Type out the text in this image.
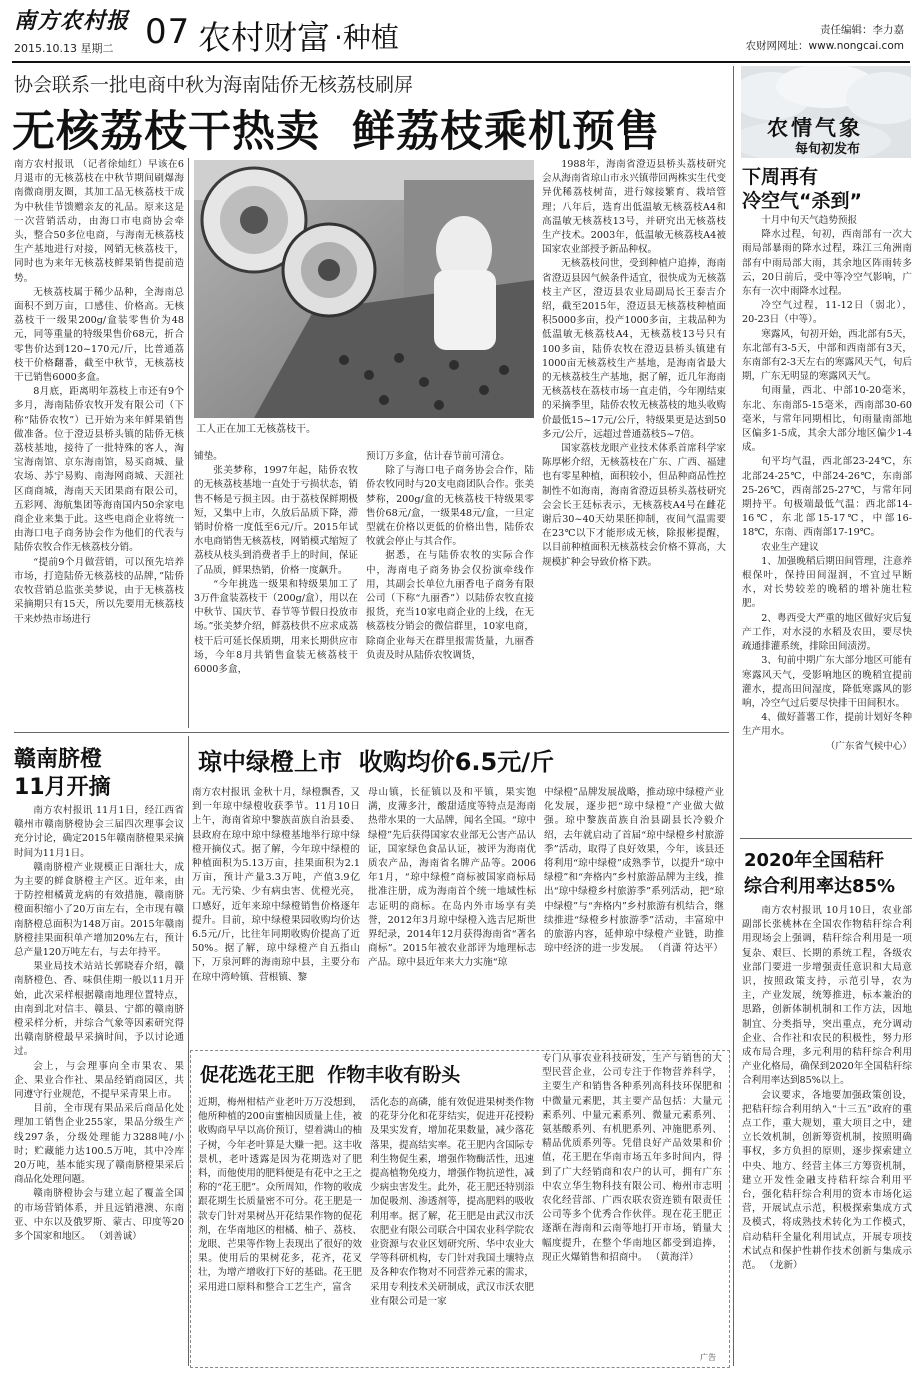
南方农村报
2015.10.13 星期二 07 农村财富 ·种植	责任编辑：李力嘉
农财网网址：www.nongcai.com
协会联系一批电商中秋为海南陆侨无核荔枝刷屏
无核荔枝干热卖  鲜荔枝乘机预售	农情气象
每旬初发布

南方农村报讯 （记者徐灿红）早该在6月退市的无核荔枝在中秋节期间刷爆海南微商朋友圈，其加工品无核荔枝干成为中秋佳节馈赠亲友的礼品。原来这是一次营销活动，由海口市电商协会牵头，整合50多位电商，与海南无核荔枝生产基地进行对接，网销无核荔枝干，同时也为来年无核荔枝鲜果销售提前造势。

无核荔枝属于稀少品种，全海南总面积不到万亩，口感佳、价格高。无核荔枝干一级果200g/盒装零售价为48元，同等重量的特级果售价68元，折合零售价达到120~170元/斤，比普通荔枝干价格翻番，截至中秋节，无核荔枝干已销售6000多盒。

8月底，距离明年荔枝上市还有9个多月，海南陆侨农牧开发有限公司（下称“陆侨农牧”）已开始为来年鲜果销售做准备。位于澄迈县桥头镇的陆侨无核荔枝基地，接待了一批特殊的客人，淘宝海南馆、京东海南馆，易买商城、量农场、苏宁易购、南海网商城、天涯社区商商城，海南天天团果商有限公司，五彩网、海航集团等海南国内50余家电商企业来集于此。这些电商企业将统一由海口电子商务协会作为他们的代表与陆侨农牧合作无核荔枝分销。

“提前9个月做营销，可以预先培养市场，打造陆侨无核荔枝的品牌，”陆侨农牧营销总监张美梦说，由于无核荔枝采摘期只有15天，所以先要用无核荔枝干来炒热市场进行

工人正在加工无核荔枝干。

铺垫。

张美梦称，1997年起，陆侨农牧的无核荔枝基地一直处于亏损状态，销售不畅是亏损主因。由于荔枝保鲜期极短，又集中上市，久放后品质下降，滞销时价格一度低至6元/斤。2015年试水电商销售无核荔枝，网销模式缩短了荔枝从枝头到消费者手上的时间，保证了品质，鲜果热销，价格一度飙升。

“今年挑选一级果和特级果加工了3万件盒装荔枝干（200g/盒），用以在中秋节、国庆节、春节等节假日投放市场。”张美梦介绍，鲜荔枝供不应求成荔枝干后可延长保质期，用来长期供应市场，今年8月共销售盒装无核荔枝干6000多盒，

预订万多盒，估计春节前可清仓。

除了与海口电子商务协会合作，陆侨农牧同时与20支电商团队合作。张美梦称，200g/盒的无核荔枝干特级果零售价68元/盒，一级果48元/盒，一旦定型就在价格以更低的价格出售，陆侨农牧就会停止与其合作。

据悉，在与陆侨农牧的实际合作中，海南电子商务协会仅扮演牵线作用，其副会长单位九丽香电子商务有限公司（下称“九丽香”）以陆侨农牧直接报货，充当10家电商企业的上线，在无核荔枝分销会的微信群里，10家电商，除商企业每天在群里报需货量，九丽香负责及时从陆侨农牧调货，

1988年，海南省澄迈县桥头荔枝研究会从海南省琼山市永兴镇带回两株实生代变异优稀荔枝树苗，进行嫁接繁育、栽培管理；八年后，选育出低温敏无核荔枝A4和高温敏无核荔枝13号，并研究出无核荔枝生产技术。2003年，低温敏无核荔枝A4被国家农业部授予新品种权。

无核荔枝问世，受到种植户追捧，海南省澄迈县因气候条件适宜，很快成为无核荔枝主产区，澄迈县农业局副局长王泰吉介绍，截至2015年，澄迈县无核荔枝种植面积5000多亩，投产1000多亩，主栽品种为低温敏无核荔枝A4，无核荔枝13号只有100多亩，陆侨农牧在澄迈县桥头镇建有1000亩无核荔枝生产基地，是海南省最大的无核荔枝生产基地，据了解，近几年海南无核荔枝在荔枝市场一直走俏，今年刚结束的采摘季里，陆侨农牧无核荔枝的地头收购价最低15~17元/公斤，特级果更是达到50多元/公斤，远超过普通荔枝5~7倍。

国家荔枝龙眼产业技术体系首席科学家陈厚彬介绍，无核荔枝在广东、广西、福建也有零星种植，面积较小，但品种商品性控制性不如海南，海南省澄迈县桥头荔枝研究会会长王廷标表示，无核荔枝A4号在雌花谢后30~40天幼果胚抑制，夜间气温需要在23℃以下才能形成无核，除报彬提醒，以目前种植面积无核荔枝会价格不算高，大规模扩种会导致价格下跌。

下周再有
冷空气“杀到”

十月中旬天气趋势预报

降水过程，旬初，西南部有一次大雨局部暴雨的降水过程，珠江三角洲南部有中雨局部大雨，其余地区阵雨转多云，20日前后，受中等冷空气影响，广东有一次中雨降水过程。

冷空气过程，11-12日（弱北），20-23日（中等）。

寒露风，旬初开始，西北部有5天，东北部有3-5天，中部和西南部有3天，东南部有2-3天左右的寒露风天气，旬后期，广东无明显的寒露风天气。

旬雨量，西北、中部10-20毫米，东北、东南部5-15毫米，西南部30-60毫米，与常年同期相比，旬雨量南部地区偏多1-5成，其余大部分地区偏少1-4成。

旬平均气温，西北部23-24℃，东北部24-25℃，中部24-26℃，东南部25-26℃，西南部25-27℃，与常年同期持平。旬极端最低气温：西北部14-16℃，东北部15-17℃，中部16-18℃，东南、西南部17-19℃。

农业生产建议

1、加强晚稻后期田间管理，注意养根保叶，保持田间湿润，不宜过早断水，对长势较差的晚稻的增补施壮粒肥。

2、粤西受大严重的地区做好灾后复产工作，对水浸的水稻及农田，要尽快疏通排灌系统，排除田间渍涝。

3、旬前中期广东大部分地区可能有寒露风天气，受影响地区的晚稻宜提前灌水，提高田间湿度，降低寒露风的影响，冷空气过后要尽快排干田间积水。

4、做好蔷薯工作，提前计划好冬种生产用水。

（广东省气候中心）

2020年全国秸秆
综合利用率达85%

南方农村报讯 10月10日，农业部副部长张桃林在全国农作物秸秆综合利用现场会上强调，秸秆综合利用是一项复杂、艰巨、长期的系统工程，各级农业部门要进一步增强责任意识和大局意识，按照政策支持，示范引导，农为主，产业发展，统筹推进，标本兼治的思路，创新体制机制和工作方法，因地制宜、分类指导，突出重点，充分调动企业、合作社和农民的积极性，努力形成布局合理，多元利用的秸秆综合利用产业化格局，确保到2020年全国秸秆综合利用率达到85%以上。

会议要求，各地要加强政策创设，把秸秆综合利用纳入“十三五”政府的重点工作，重大规划，重大项目之中，建立长效机制，创新筹资机制，按照明确事权，多方负担的原则，逐步探索建立中央、地方、经营主体三方筹资机制，建立开发性金融支持秸秆综合利用平台，强化秸秆综合利用的资本市场化运营，开展试点示范，积极探索集成方式及模式，将成熟技术转化为工作模式，启动秸秆全量化利用试点，开展专项技术试点和保护性耕作技术创新与集成示范。 （龙新）

赣南脐橙
11月开摘

南方农村报讯 11月1日，经江西省赣州市赣南脐橙协会三届四次理事会议充分讨论，确定2015年赣南脐橙果采摘时间为11月1日。

赣南脐橙产业规模正日渐壮大，成为主要的鲜食脐橙主产区。近年来，由于防控柑橘黄龙病的有效措施，赣南脐橙面积缩小了20万亩左右，全市现有赣南脐橙总面积为148万亩。2015年赣南脐橙挂果面积单产增加20%左右，预计总产量120万吨左右，与去年持平。

果业局技术站站长郭晓春介绍，赣南脐橙色、香、味俱佳期一般以11月开始，此次采样根据赣南地理位置特点，由南到北对信丰、赣县、宁都的赣南脐橙采样分析，并综合气象等因素研究得出赣南脐橙最早采摘时间，予以讨论通过。

会上，与会理事向全市果农、果企、果业合作社、果品经销商园区，共同遵守行业规范，不提早采青果上市。

目前，全市现有果品采后商品化处理加工销售企业255家，果品分级生产线297条，分级处理能力3288吨/小时；贮藏能力达100.5万吨，其中冷库20万吨，基本能实现了赣南脐橙果采后商品化处理问题。

赣南脐橙协会与建立起了覆盖全国的市场营销体系，并且远销港澳、东南亚、中东以及俄罗斯、蒙古、印度等20多个国家和地区。 （刘善诚）

琼中绿橙上市  收购均价6.5元/斤
南方农村报讯 金秋十月，绿橙飘香，又到一年琼中绿橙收获季节。11月10日上午，海南省琼中黎族苗族自治县委、县政府在琼中琼中绿橙基地举行琼中绿橙开摘仪式。据了解，今年琼中绿橙的种植面积为5.13万亩，挂果面积为2.1万亩，预计产量3.3万吨，产值3.9亿元。无污染、少有病虫害、优橙光亮，口感好，近年来琼中绿橙销售价格逐年提升。目前，琼中绿橙果园收购均价达6.5元/斤，比往年同期收购价提高了近50%。据了解，琼中绿橙产自五指山下，万泉河畔的海南琼中县，主要分布在琼中湾岭镇、营根镇、黎
母山镇，长征镇以及和平镇，果实饱满，皮薄多汁，酸甜适度等特点是海南热带水果的一大品牌，闻名全国。“琼中绿橙”先后获得国家农业部无公害产品认证，国家绿色食品认证，被评为海南优质农产品，海南省名牌产品等。2006年1月，“琼中绿橙”商标被国家商标局批准注册，成为海南首个统一地域性标志证明的商标。在岛内外市场享有美誉，2012年3月琼中绿橙入选吉尼斯世界纪录，2014年12月获得海南省“著名商标”。2015年被农业部评为地理标志产品。琼中县近年来大力实施“琼
中绿橙”品牌发展战略，推动琼中绿橙产业化发展，逐步把“琼中绿橙”产业做大做强。琼中黎族苗族自治县副县长冷毅介绍，去年就启动了首届“琼中绿橙乡村旅游季”活动，取得了良好效果，今年，该县还将利用“琼中绿橙”成熟季节，以提升“琼中绿橙”和“奔格内”乡村旅游品牌为主线，推出“琼中绿橙乡村旅游季”系列活动，把“琼中绿橙”与“奔格内”乡村旅游有机结合，继续推进“绿橙乡村旅游季”活动，丰富琼中的旅游内容，延伸琼中绿橙产业链，助推琼中经济的进一步发展。 （肖潇 符达平）
促花选花王肥  作物丰收有盼头
近期，梅州柑桔产业老叶万万没想到，他所种植的200亩蜜柚因质量上佳，被收购商早早以高价预订，望着满山的柚子树，今年老叶算是大赚一把。这丰收景机，老叶透露是因为花期选对了肥料，而他使用的肥料便是有花中之王之称的“花王肥”。众所周知，作物的收成跟花期生长质量密不可分。花王肥是一款专门针对果树丛开花结果作物的促花剂，在华南地区的柑橘、柚子、荔枝、龙眼、芒果等作物上表现出了很好的效果。使用后的果树花多，花齐，花叉壮，为增产增收打下好的基础。花王肥采用进口原料和整合工艺生产，富含
活化态的高磷，能有效促进果树类作物的花芽分化和花芽结实，促进开花授粉及果实发育，增加花果数量，减少落花落果，提高结实率。花王肥内含国际专利生物促生素，增强作物酶活性，迅速提高植物免疫力，增强作物抗逆性，减少病虫害发生。此外，花王肥还特别添加促吸剂、渗透剂等，提高肥料的吸收利用率。据了解，花王肥是由武汉市沃农肥业有限公司联合中国农业科学院农业资源与农业区划研究所、华中农业大学等科研机构，专门针对我国土壤特点及各种农作物对不同营养元素的需求，采用专利技术关研制成，武汉市沃农肥业有限公司是一家
专门从事农业科技研发，生产与销售的大型民营企业，公司专注于作物营养科学，主要生产和销售各种系列高科技环保肥和中微量元素肥，其主要产品包括：大量元素系列、中量元素系列、微量元素系列、氨基酸系列、有机肥系列、冲施肥系列、精品优质系列等。凭借良好产品效果和价值，花王肥在华南市场五年多时间内，得到了广大经销商和农户的认可，拥有广东中农立华生物科技有限公司、梅州市志明农化经营部、广西农联农资连锁有限责任公司等多个优秀合作伙伴。现在花王肥正逐渐在海南和云南等地打开市场，销量大幅度提升，在整个华南地区都受到追捧，现正火爆销售和招商中。 （黄海洋）
广告
